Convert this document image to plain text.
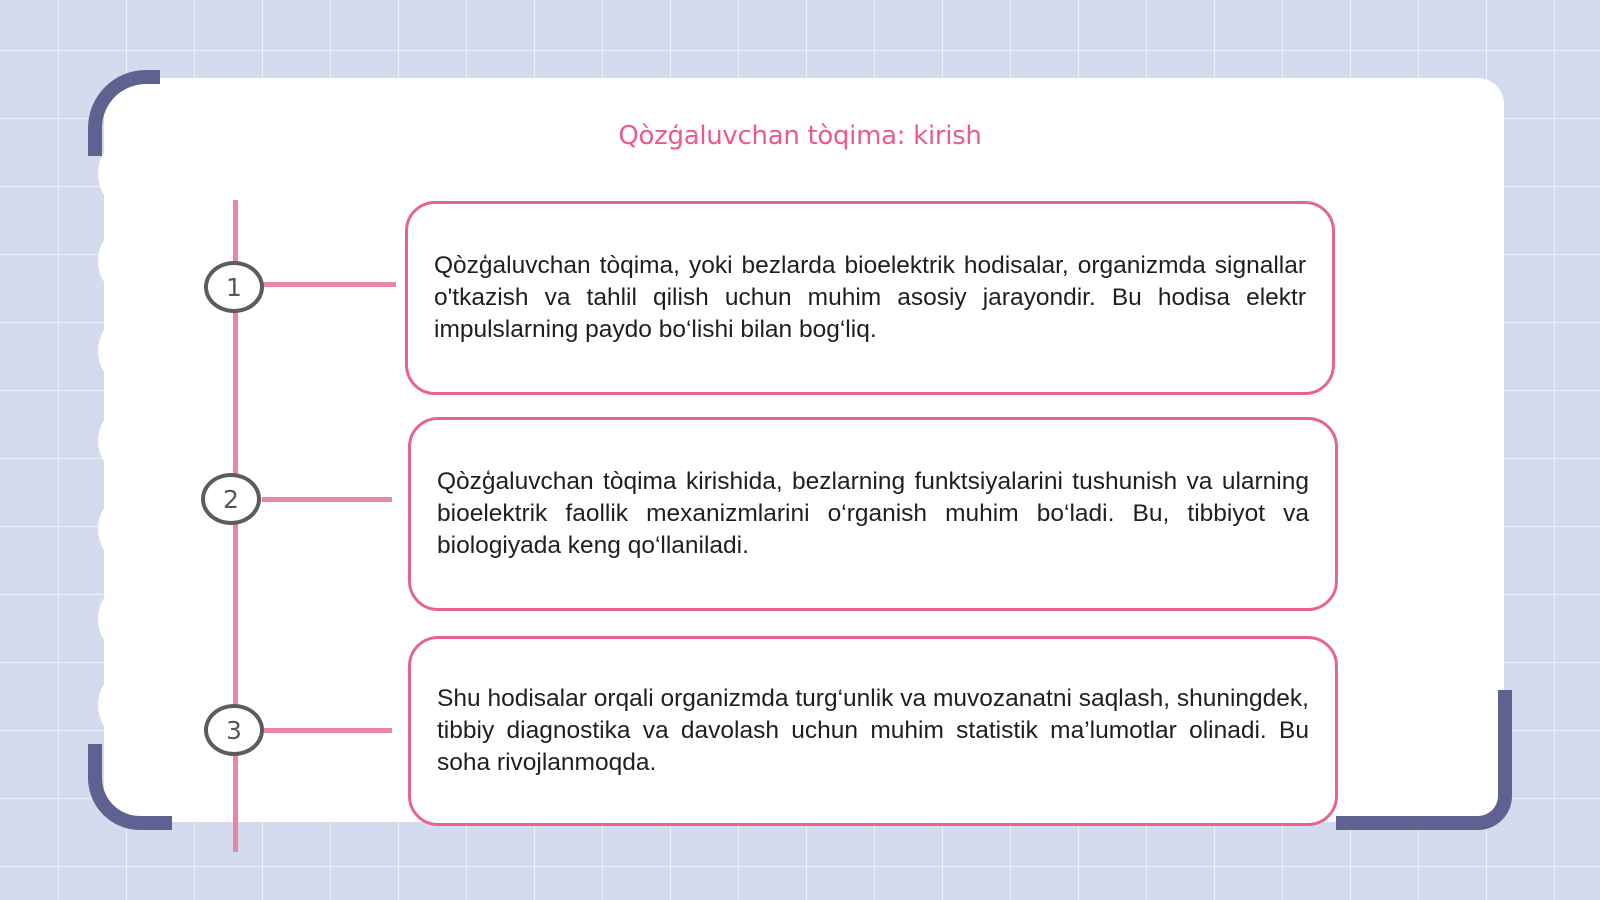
Qòzģaluvchan tòqima: kirish
1
2
3

Qòzģaluvchan tòqima, yoki bezlarda bioelektrik hodisalar, organizmda signallar o'tkazish va tahlil qilish uchun muhim asosiy jarayondir. Bu hodisa elektr impulslarning paydo bo‘lishi bilan bog‘liq.

Qòzģaluvchan tòqima kirishida, bezlarning funktsiyalarini tushunish va ularning bioelektrik faollik mexanizmlarini o‘rganish muhim bo‘ladi. Bu, tibbiyot va biologiyada keng qo‘llaniladi.

Shu hodisalar orqali organizmda turg‘unlik va muvozanatni saqlash, shuningdek, tibbiy diagnostika va davolash uchun muhim statistik ma’lumotlar olinadi. Bu soha rivojlanmoqda.
